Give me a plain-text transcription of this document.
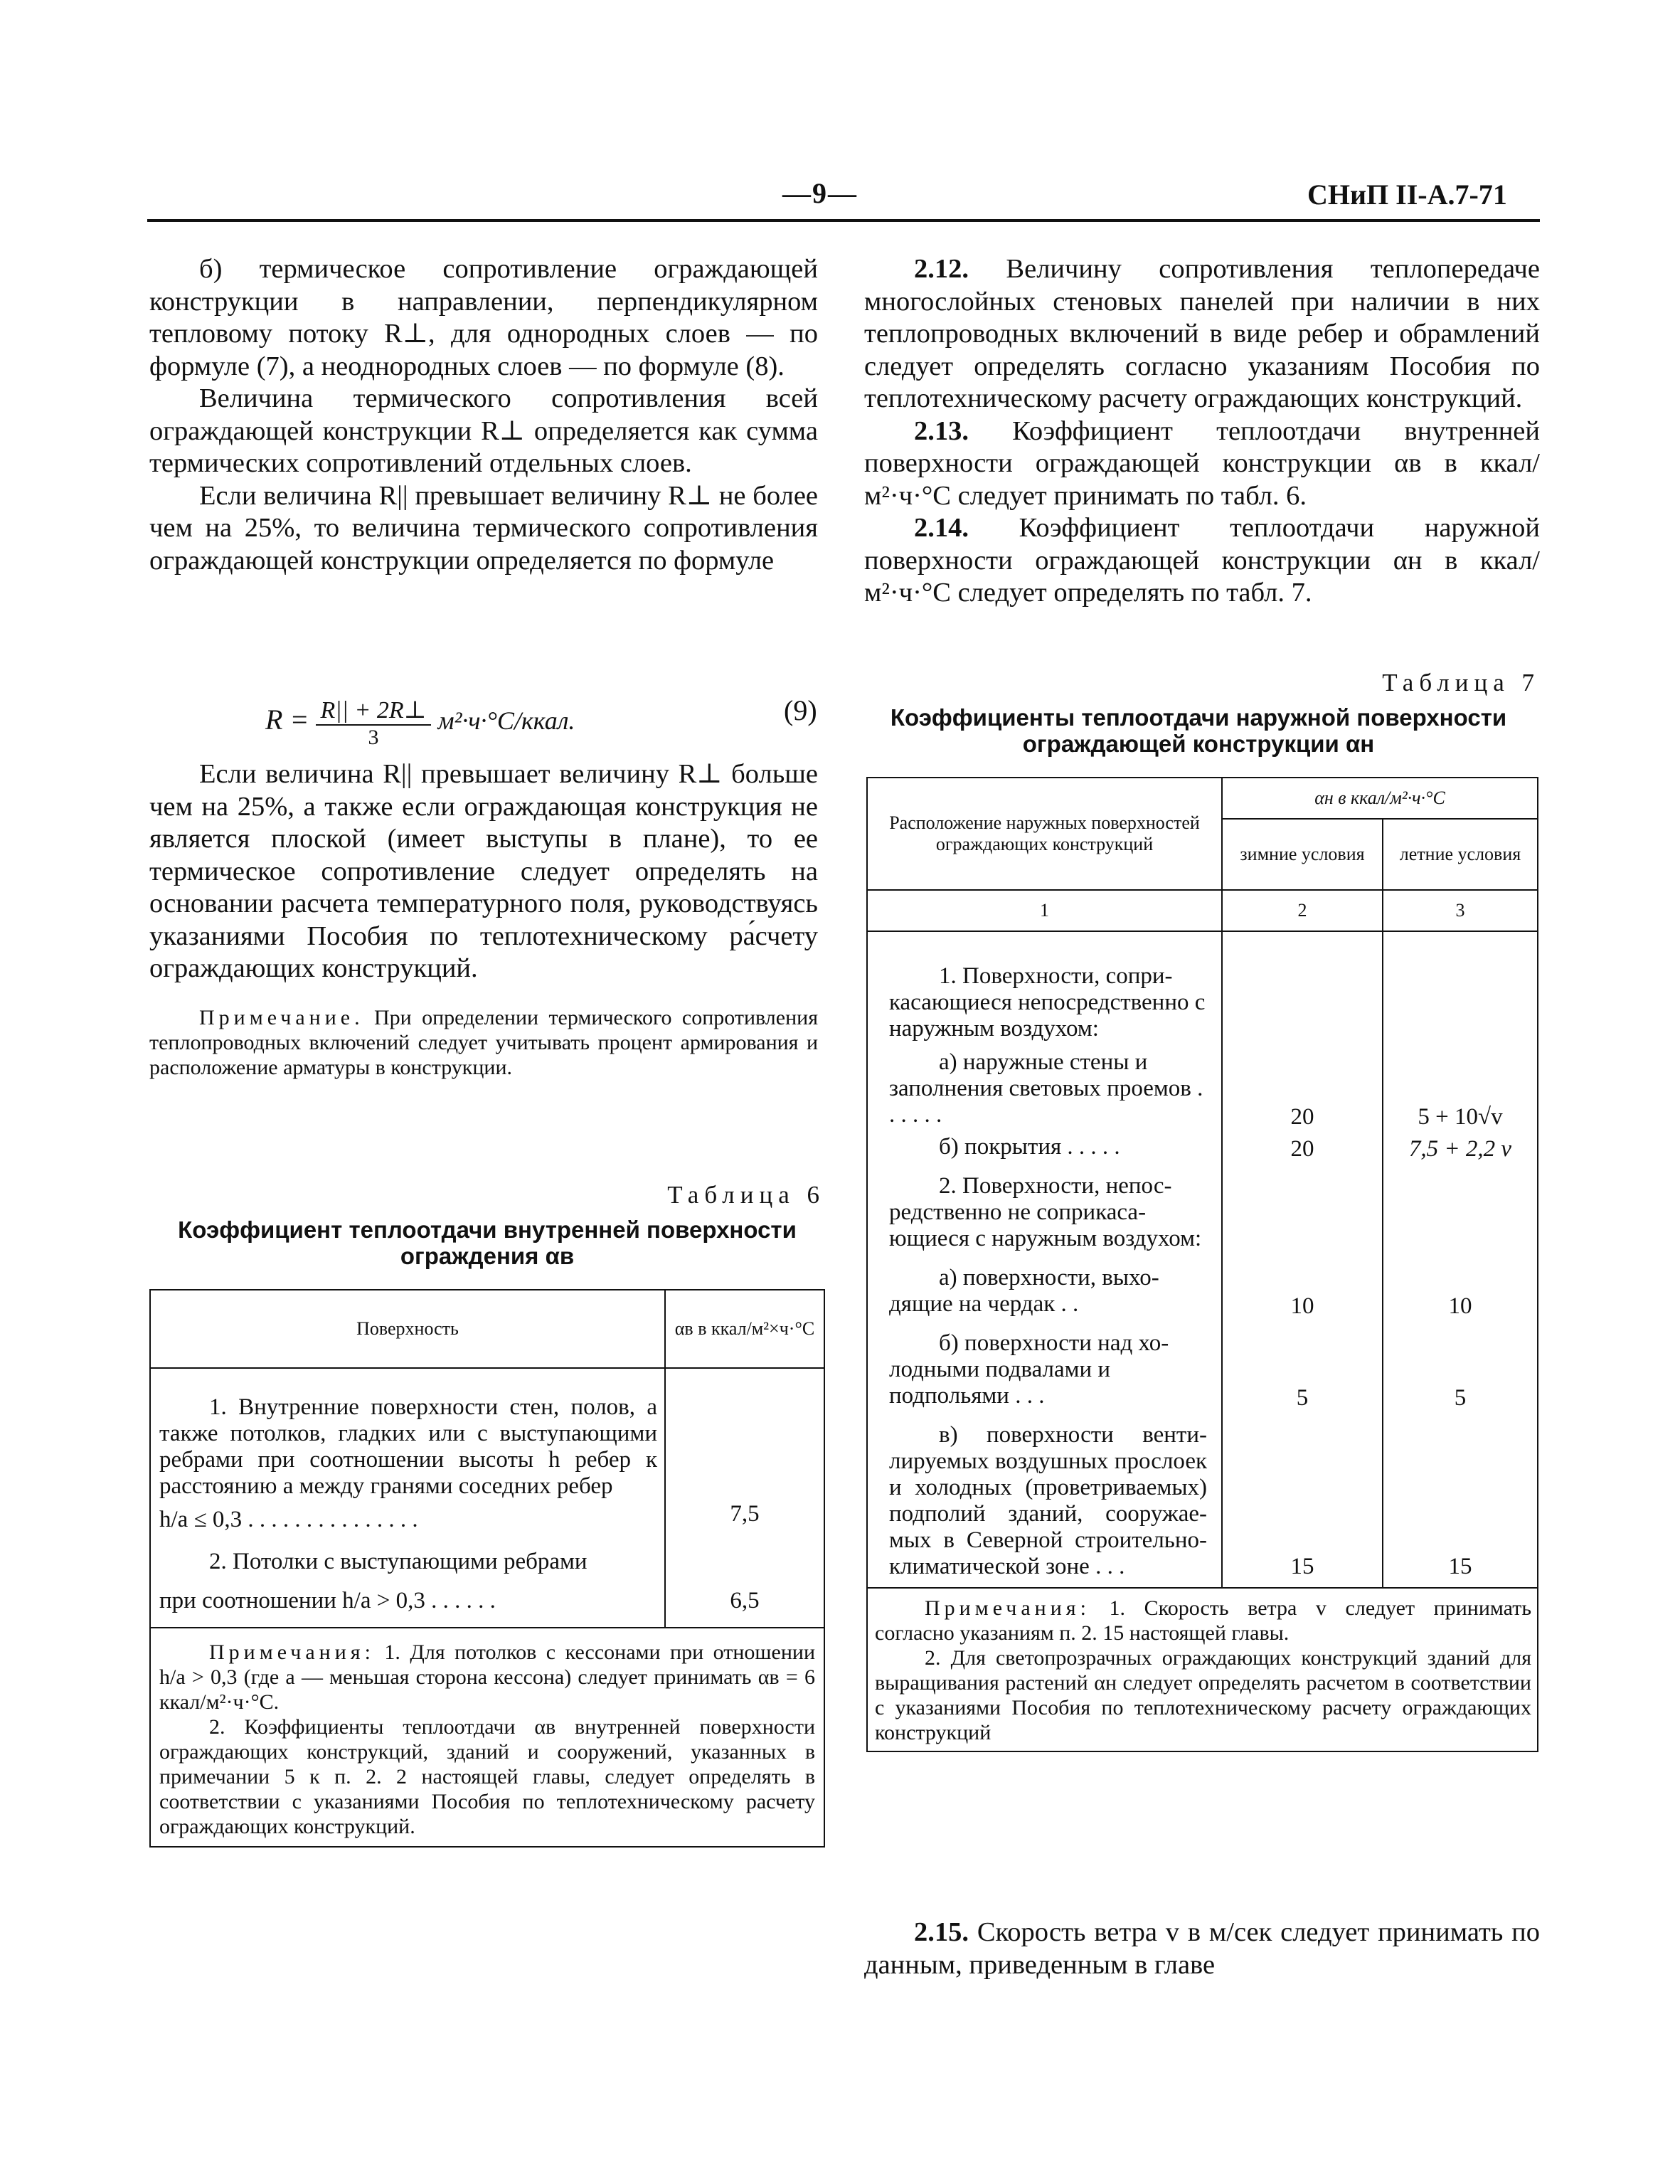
—9—	СНиП II-А.7-71

б) термическое сопротивление ограждающей конструкции в направлении, перпендикулярном тепловому потоку R⊥, для однородных слоев — по формуле (7), а неоднородных слоев — по формуле (8).

Величина термического сопротивления всей ограждающей конструкции R⊥ определяется как сумма термических сопротивлений отдельных слоев.

Если величина R|| превышает величину R⊥ не более чем на 25%, то величина термического сопротивления ограждающей конструкции определяется по формуле

$R = \frac{R|| + 2R\perp}{3}$ м²·ч·°С/ккал.	(9)

Если величина R|| превышает величину R⊥ больше чем на 25%, а также если ограждающая конструкция не является плоской (имеет выступы в плане), то ее термическое сопротивление следует определять на основании расчета температурного поля, руководствуясь указаниями Пособия по теплотехническому ра́счету ограждающих конструкций.

Примечание. При определении термического сопротивления теплопроводных включений следует учитывать процент армирования и расположение арматуры в конструкции.

Таблица 6
Коэффициент теплоотдачи внутренней поверхности ограждения αв
Поверхность	αв в ккал/м²×ч·°С

1. Внутренние поверхности стен, полов, а также потолков, гладких или с выступающими ребрами при соотношении высоты h ребер к расстоянию a между гранями соседних ребер
h/a ≤ 0,3 . . . . . . . . . . . . . . .	7,5

2. Потолки с выступающими ребрами
при соотношении h/a > 0,3 . . . . . .	6,5

Примечания: 1. Для потолков с кессонами при отношении h/a > 0,3 (где a — меньшая сторона кессона) следует принимать αв = 6 ккал/м²·ч·°С.

2. Коэффициенты теплоотдачи αв внутренней поверхности ограждающих конструкций, зданий и сооружений, указанных в примечании 5 к п. 2. 2 настоящей главы, следует определять в соответствии с указаниями Пособия по теплотехническому расчету ограждающих конструкций.	

2.12. Величину сопротивления теплопередаче многослойных стеновых панелей при наличии в них теплопроводных включений в виде ребер и обрамлений следует определять согласно указаниям Пособия по теплотехническому расчету ограждающих конструкций.

2.13. Коэффициент теплоотдачи внутренней поверхности ограждающей конструкции αв в ккал/м²·ч·°С следует принимать по табл. 6.

2.14. Коэффициент теплоотдачи наружной поверхности ограждающей конструкции αн в ккал/м²·ч·°С следует определять по табл. 7.

Таблица 7
Коэффициенты теплоотдачи наружной поверхности ограждающей конструкции αн
Расположение наружных поверхностей ограждающих конструкций	αн в ккал/м²·ч·°С	
	зимние условия	летние условия
1	2	3

1. Поверхности, соприкасающиеся непосредственно с наружным воздухом:		

а) наружные стены и заполнения световых проемов . . . . . .	20	5 + 10√v

б) покрытия . . . . .	20	7,5 + 2,2 v

2. Поверхности, непосредственно не соприкасающиеся с наружным воздухом:		

а) поверхности, выходящие на чердак . .	10	10

б) поверхности над холодными подвалами и подпольями . . .	5	5

в) поверхности вентилируемых воздушных прослоек и холодных (проветриваемых) подполий зданий, сооружаемых в Северной строительно-климатической зоне . . .	15	15

Примечания: 1. Скорость ветра v следует принимать согласно указаниям п. 2. 15 настоящей главы.

2. Для светопрозрачных ограждающих конструкций зданий для выращивания растений αн следует определять расчетом в соответствии с указаниями Пособия по теплотехническому расчету ограждающих конструкций		

2.15. Скорость ветра v в м/сек следует принимать по данным, приведенным в главе
